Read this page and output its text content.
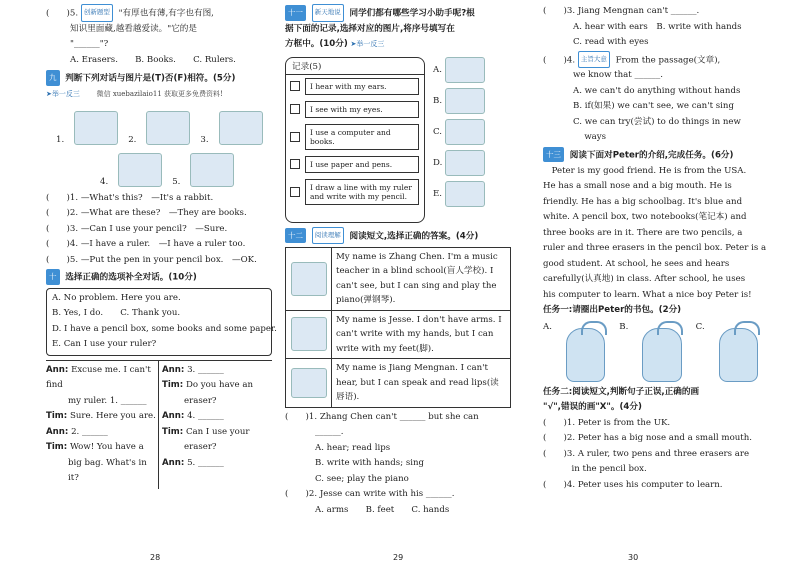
(　　)5. 创新题型 "有厚也有薄,有字也有图,
知识里面藏,越看越爱读。"它的是
"______"?
A. Erasers.　　B. Books.　　C. Rulers.
九 判断下列对话与图片是(T)否(F)相符。(5分)
➤举一反三 微信 xuebazilaio11 获取更多免费资料!
1.	2.	3.
4.	5.
(　　)1. —What's this?　—It's a rabbit.
(　　)2. —What are these?　—They are books.
(　　)3. —Can I use your pencil?　—Sure.
(　　)4. —I have a ruler.　—I have a ruler too.
(　　)5. —Put the pen in your pencil box.　—OK.
十 选择正确的选项补全对话。(10分)
A. No problem. Here you are.
B. Yes, I do.　　C. Thank you.
D. I have a pencil box, some books and some paper.
E. Can I use your ruler?
Ann: Excuse me. I can't find
my ruler. 1. ______
Tim: Sure. Here you are.
Ann: 2. ______
Tim: Wow! You have a
big bag. What's in
it?
Ann: 3. ______
Tim: Do you have an
eraser?
Ann: 4. ______
Tim: Can I use your
eraser?
Ann: 5. ______
28
十一 新天地说 同学们都有哪些学习小助手呢?根
据下面的记录,选择对应的图片,将序号填写在
方框中。(10分) ➤举一反三
记录(5)
I hear with my ears.
I see with my eyes.
I use a computer and books.
I use paper and pens.
I draw a line with my ruler and write with my pencil.
A.
B.
C.
D.
E.
十二 阅读理解 阅读短文,选择正确的答案。(4分)
My name is Zhang Chen. I'm a music teacher in a blind school(盲人学校). I can't see, but I can sing and play the piano(弹钢琴).
My name is Jesse. I don't have arms. I can't write with my hands, but I can write with my feet(脚).
My name is Jiang Mengnan. I can't hear, but I can speak and read lips(读唇语).
(　　)1. Zhang Chen can't ______ but she can
______.
A. hear; read lips
B. write with hands; sing
C. see; play the piano
(　　)2. Jesse can write with his ______.
A. arms　　B. feet　　C. hands
29
(　　)3. Jiang Mengnan can't ______.
A. hear with ears　B. write with hands
C. read with eyes
(　　)4. 主旨大意 From the passage(文章),
we know that ______.
A. we can't do anything without hands
B. if(如果) we can't see, we can't sing
C. we can try(尝试) to do things in new
　 ways
十三 阅读下面对Peter的介绍,完成任务。(6分)
　Peter is my good friend. He is from the USA.
He has a small nose and a big mouth. He is
friendly. He has a big schoolbag. It's blue and
white. A pencil box, two notebooks(笔记本) and
three books are in it. There are two pencils, a
ruler and three erasers in the pencil box. Peter is a
good student. At school, he sees and hears
carefully(认真地) in class. After school, he uses
his computer to learn. What a nice boy Peter is!
任务一:请圈出Peter的书包。(2分)
A.	B.	C.
任务二:阅读短文,判断句子正误,正确的画
"√",错误的画"X"。(4分)
(　　)1. Peter is from the UK.
(　　)2. Peter has a big nose and a small mouth.
(　　)3. A ruler, two pens and three erasers are
　　　 in the pencil box.
(　　)4. Peter uses his computer to learn.
30
